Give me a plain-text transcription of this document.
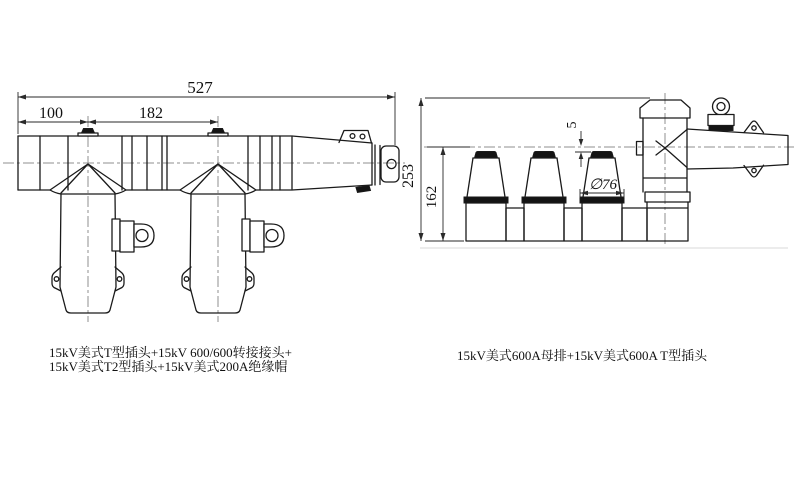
527
100	182
253
162
5
∅76
15kV美式T型插头+15kV 600/600转接接头+
15kV美式T2型插头+15kV美式200A绝缘帽
15kV美式600A母排+15kV美式600A T型插头
